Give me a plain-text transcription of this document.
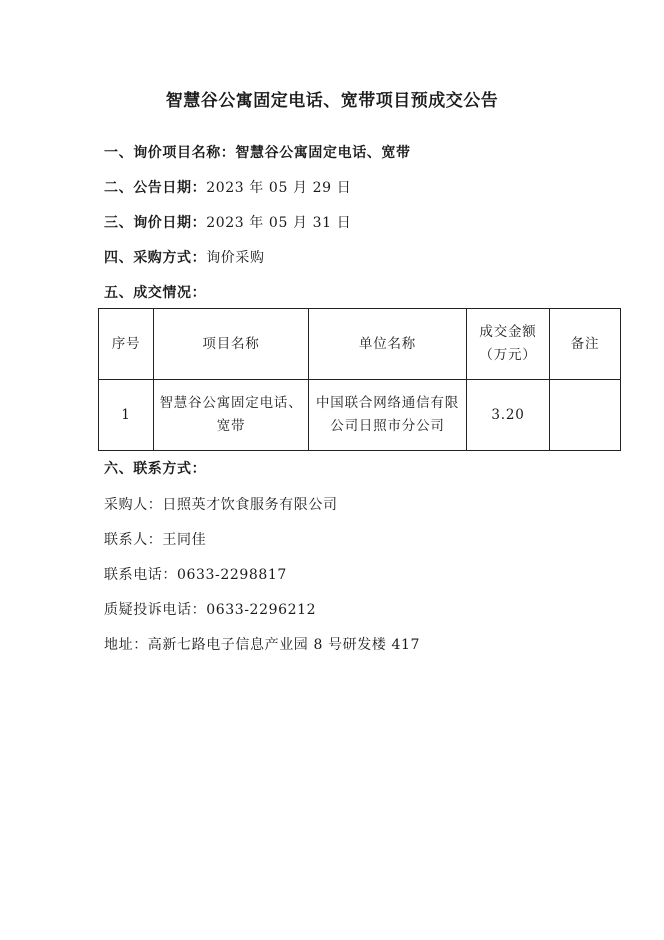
智慧谷公寓固定电话、宽带项目预成交公告
一、询价项目名称：智慧谷公寓固定电话、宽带
二、公告日期：2023 年 05 月 29 日
三、询价日期：2023 年 05 月 31 日
四、采购方式：询价采购
五、成交情况：
序号	项目名称	单位名称	成交金额（万元）	备注
1	智慧谷公寓固定电话、宽带	中国联合网络通信有限公司日照市分公司	3.20	
六、联系方式：
采购人：日照英才饮食服务有限公司
联系人：王同佳
联系电话：0633-2298817
质疑投诉电话：0633-2296212
地址：高新七路电子信息产业园 8 号研发楼 417
